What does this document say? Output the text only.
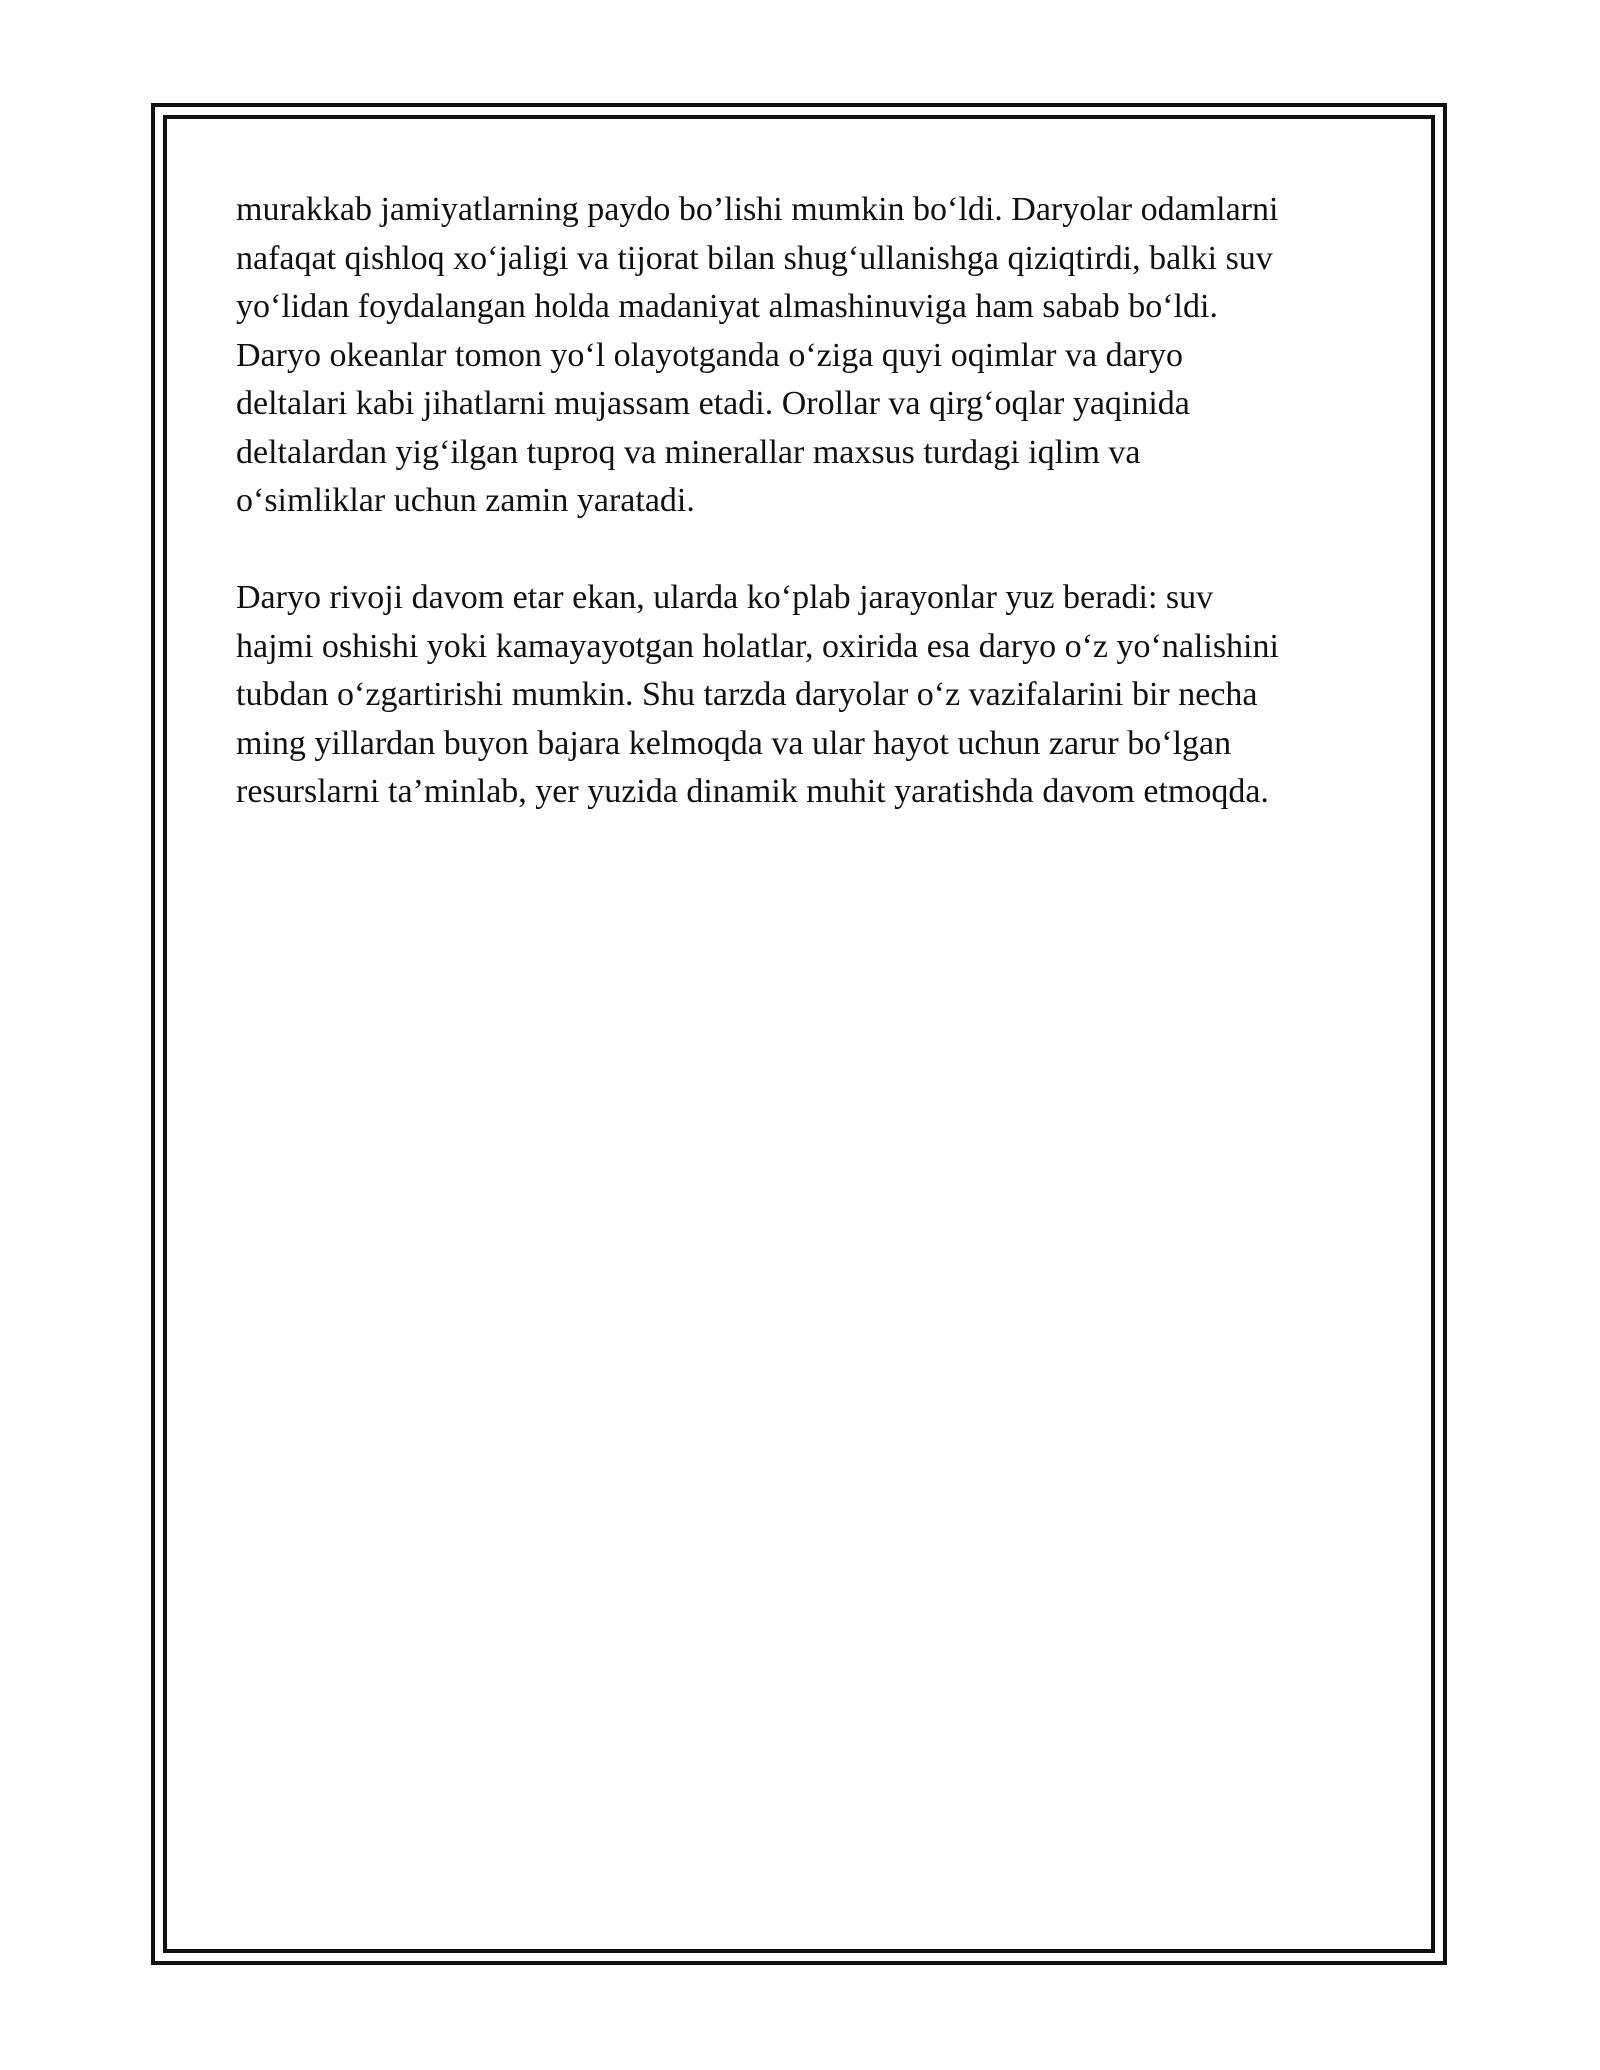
murakkab jamiyatlarning paydo bo’lishi mumkin boʻldi. Daryolar odamlarni
nafaqat qishloq xoʻjaligi va tijorat bilan shugʻullanishga qiziqtirdi, balki suv
yoʻlidan foydalangan holda madaniyat almashinuviga ham sabab boʻldi.
Daryo okeanlar tomon yoʻl olayotganda oʻziga quyi oqimlar va daryo
deltalari kabi jihatlarni mujassam etadi. Orollar va qirgʻoqlar yaqinida
deltalardan yigʻilgan tuproq va minerallar maxsus turdagi iqlim va
oʻsimliklar uchun zamin yaratadi.

Daryo rivoji davom etar ekan, ularda koʻplab jarayonlar yuz beradi: suv
hajmi oshishi yoki kamayayotgan holatlar, oxirida esa daryo oʻz yoʻnalishini
tubdan oʻzgartirishi mumkin. Shu tarzda daryolar oʻz vazifalarini bir necha
ming yillardan buyon bajara kelmoqda va ular hayot uchun zarur boʻlgan
resurslarni ta’minlab, yer yuzida dinamik muhit yaratishda davom etmoqda.
